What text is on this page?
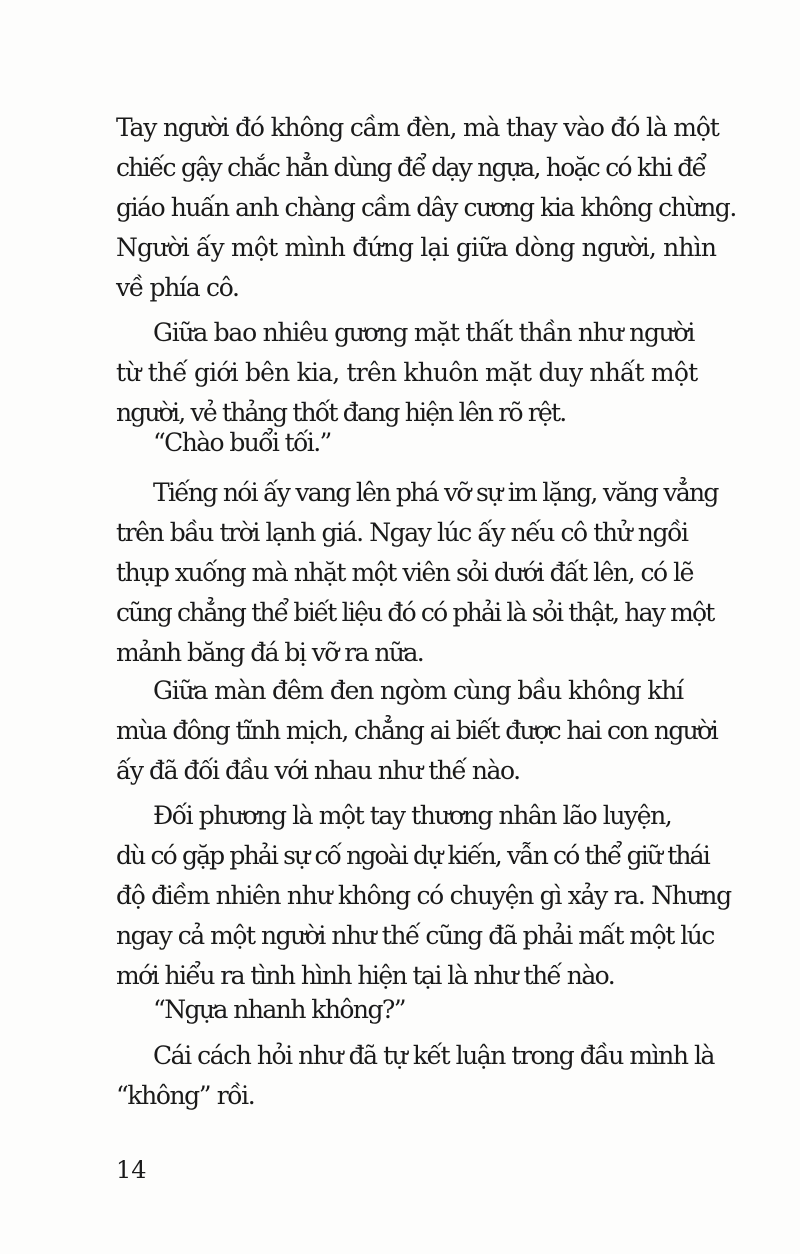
Tay người đó không cầm đèn, mà thay vào đó là một
chiếc gậy chắc hẳn dùng để dạy ngựa, hoặc có khi để
giáo huấn anh chàng cầm dây cương kia không chừng.
Người ấy một mình đứng lại giữa dòng người, nhìn
về phía cô.
Giữa bao nhiêu gương mặt thất thần như người
từ thế giới bên kia, trên khuôn mặt duy nhất một
người, vẻ thảng thốt đang hiện lên rõ rệt.
“Chào buổi tối.”
Tiếng nói ấy vang lên phá vỡ sự im lặng, văng vẳng
trên bầu trời lạnh giá. Ngay lúc ấy nếu cô thử ngồi
thụp xuống mà nhặt một viên sỏi dưới đất lên, có lẽ
cũng chẳng thể biết liệu đó có phải là sỏi thật, hay một
mảnh băng đá bị vỡ ra nữa.
Giữa màn đêm đen ngòm cùng bầu không khí
mùa đông tĩnh mịch, chẳng ai biết được hai con người
ấy đã đối đầu với nhau như thế nào.
Đối phương là một tay thương nhân lão luyện,
dù có gặp phải sự cố ngoài dự kiến, vẫn có thể giữ thái
độ điềm nhiên như không có chuyện gì xảy ra. Nhưng
ngay cả một người như thế cũng đã phải mất một lúc
mới hiểu ra tình hình hiện tại là như thế nào.
“Ngựa nhanh không?”
Cái cách hỏi như đã tự kết luận trong đầu mình là
“không” rồi.
14
